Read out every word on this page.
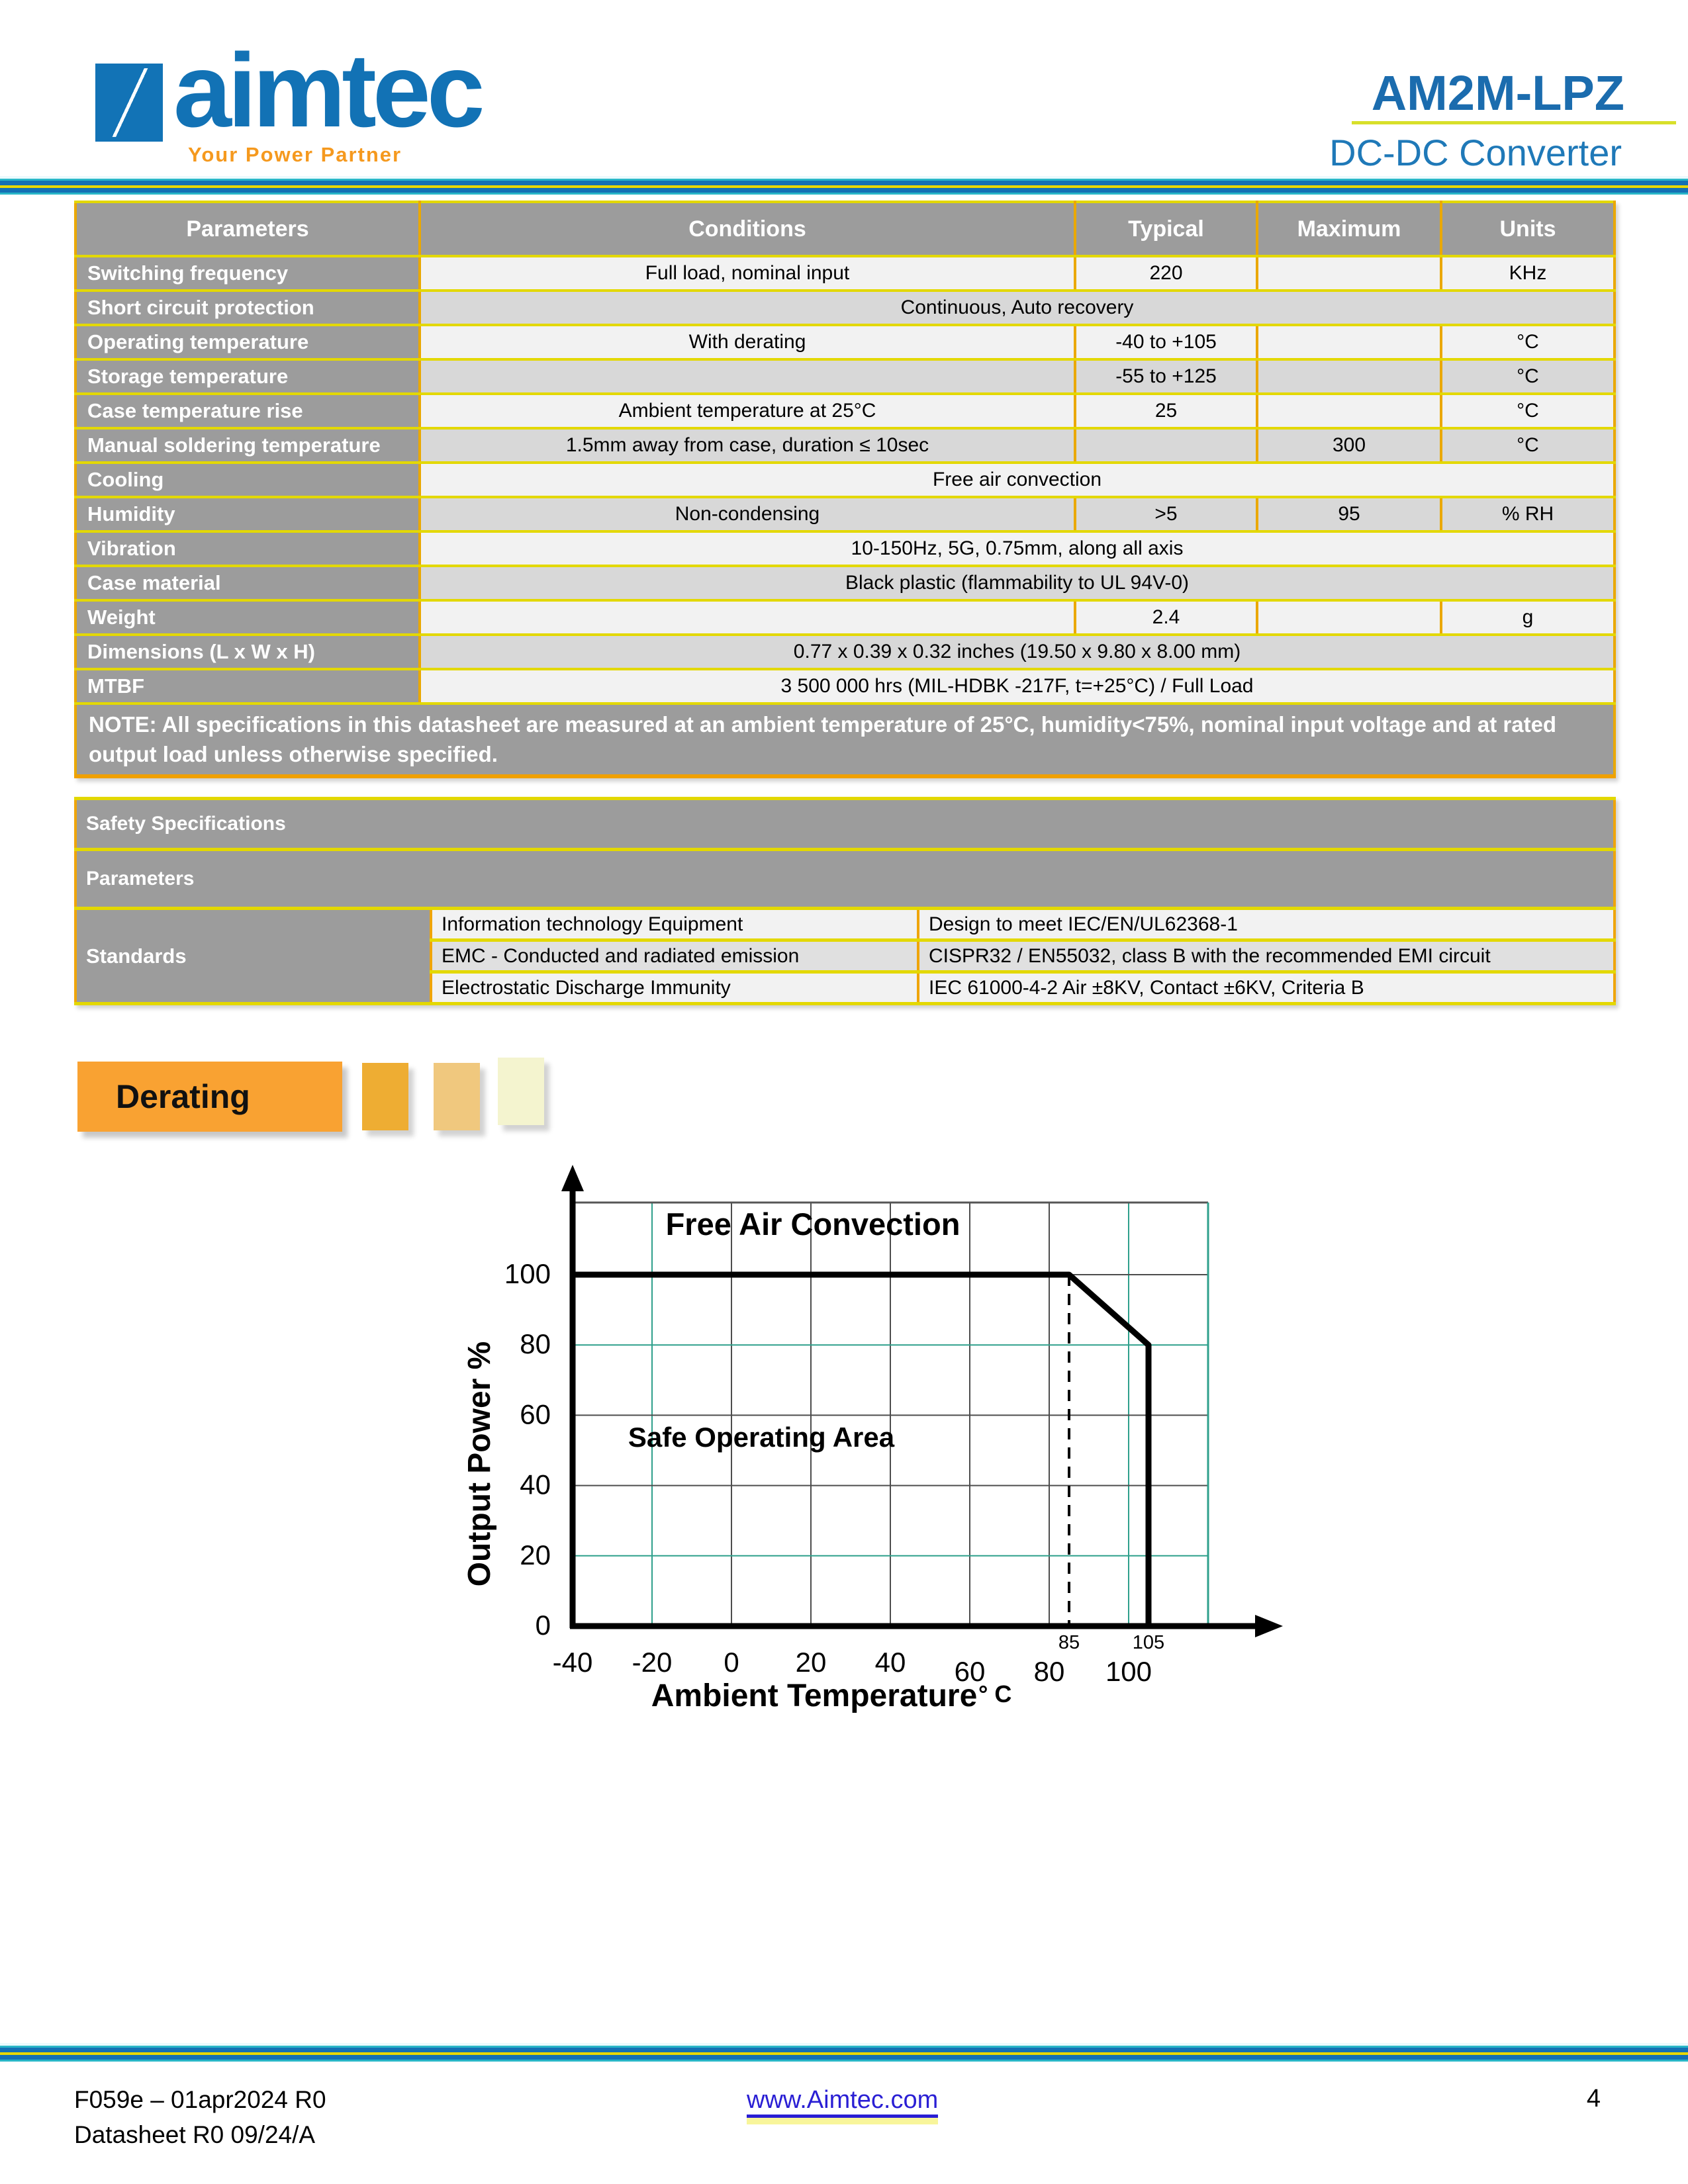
aimtec
Your Power Partner
AM2M-LPZ
DC-DC Converter
Parameters	Conditions	Typical	Maximum	Units
Switching frequency	Full load, nominal input	220		KHz
Short circuit protection	Continuous, Auto recovery			
Operating temperature	With derating	-40 to +105		°C
Storage temperature		-55 to +125		°C
Case temperature rise	Ambient temperature at 25°C	25		°C
Manual soldering temperature	1.5mm away from case, duration ≤ 10sec		300	°C
Cooling	Free air convection			
Humidity	Non-condensing	>5	95	% RH
Vibration	10-150Hz, 5G, 0.75mm, along all axis			
Case material	Black plastic (flammability to UL 94V-0)			
Weight		2.4		g
Dimensions (L x W x H)	0.77 x 0.39 x 0.32 inches (19.50 x 9.80 x 8.00 mm)			
MTBF	3 500 000 hrs (MIL-HDBK -217F, t=+25°C) / Full Load			
NOTE: All specifications in this datasheet are measured at an ambient temperature of 25°C, humidity<75%, nominal input voltage and at rated output load unless otherwise specified.				
Safety Specifications		
Parameters		
Standards	Information technology Equipment	Design to meet IEC/EN/UL62368-1
	EMC - Conducted and radiated emission	CISPR32 / EN55032, class B with the recommended EMI circuit
	Electrostatic Discharge Immunity	IEC 61000-4-2 Air ±8KV, Contact ±6KV, Criteria B
Derating
-40 -20 0 20 40 60 80 100
0
20
40
60
80
100
85	105
Free Air Convection
Safe Operating Area
Output Power %
Ambient Temperature ° C
F059e – 01apr2024 R0
Datasheet R0 09/24/A
www.Aimtec.com	4
